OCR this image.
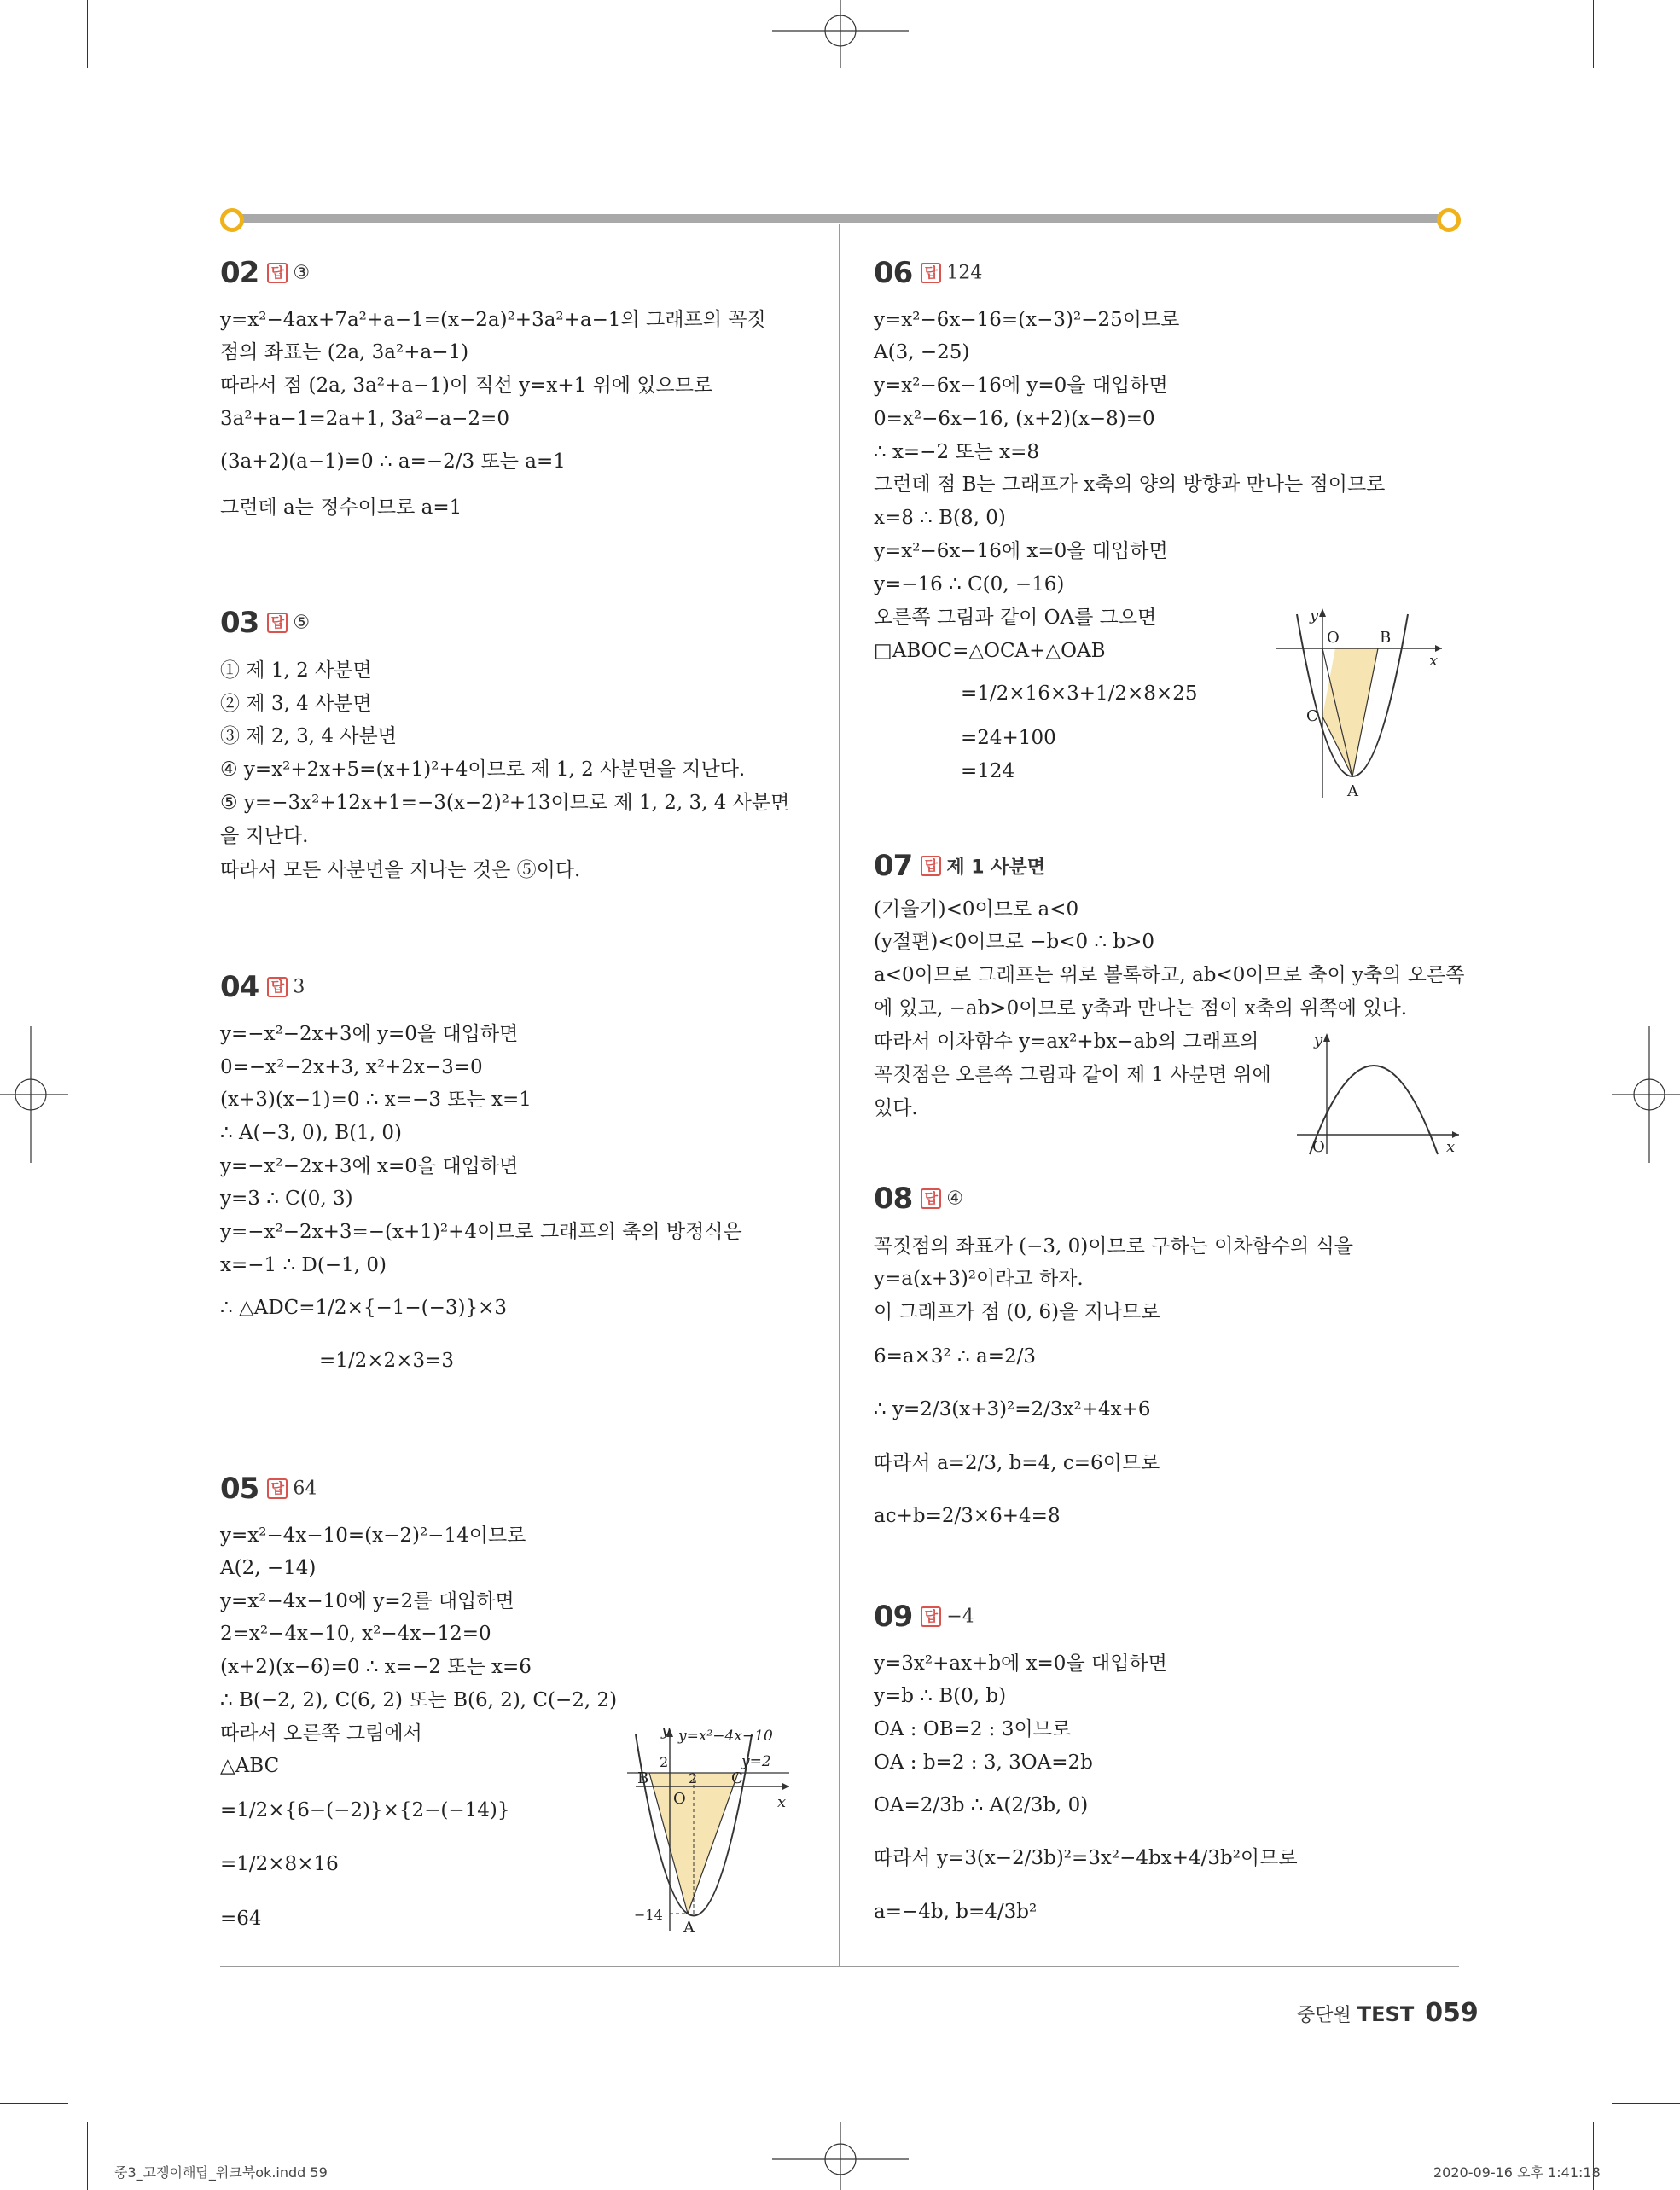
02 답 ③
y=x²−4ax+7a²+a−1=(x−2a)²+3a²+a−1의 그래프의 꼭짓
점의 좌표는 (2a, 3a²+a−1)
따라서 점 (2a, 3a²+a−1)이 직선 y=x+1 위에 있으므로
3a²+a−1=2a+1, 3a²−a−2=0
(3a+2)(a−1)=0 ∴ a=−2/3 또는 a=1
그런데 a는 정수이므로 a=1
03 답 ⑤
① 제 1, 2 사분면
② 제 3, 4 사분면
③ 제 2, 3, 4 사분면
④ y=x²+2x+5=(x+1)²+4이므로 제 1, 2 사분면을 지난다.
⑤ y=−3x²+12x+1=−3(x−2)²+13이므로 제 1, 2, 3, 4 사분면
을 지난다.
따라서 모든 사분면을 지나는 것은 ⑤이다.
04 답 3
y=−x²−2x+3에 y=0을 대입하면
0=−x²−2x+3, x²+2x−3=0
(x+3)(x−1)=0 ∴ x=−3 또는 x=1
∴ A(−3, 0), B(1, 0)
y=−x²−2x+3에 x=0을 대입하면
y=3 ∴ C(0, 3)
y=−x²−2x+3=−(x+1)²+4이므로 그래프의 축의 방정식은
x=−1 ∴ D(−1, 0)
∴ △ADC=1/2×{−1−(−3)}×3
=1/2×2×3=3
05 답 64
y=x²−4x−10=(x−2)²−14이므로
A(2, −14)
y=x²−4x−10에 y=2를 대입하면
2=x²−4x−10, x²−4x−12=0
(x+2)(x−6)=0 ∴ x=−2 또는 x=6
∴ B(−2, 2), C(6, 2) 또는 B(6, 2), C(−2, 2)
따라서 오른쪽 그림에서
△ABC
=1/2×{6−(−2)}×{2−(−14)}
=1/2×8×16
=64
y
x
O
B	C
A
2
2
−14
y=x²−4x−10
y=2
06 답 124
y=x²−6x−16=(x−3)²−25이므로
A(3, −25)
y=x²−6x−16에 y=0을 대입하면
0=x²−6x−16, (x+2)(x−8)=0
∴ x=−2 또는 x=8
그런데 점 B는 그래프가 x축의 양의 방향과 만나는 점이므로
x=8 ∴ B(8, 0)
y=x²−6x−16에 x=0을 대입하면
y=−16 ∴ C(0, −16)
오른쪽 그림과 같이 OA를 그으면
□ABOC=△OCA+△OAB
=1/2×16×3+1/2×8×25
=24+100
=124
y
x
O	B
C
A
07 답 제 1 사분면
(기울기)<0이므로 a<0
(y절편)<0이므로 −b<0 ∴ b>0
a<0이므로 그래프는 위로 볼록하고, ab<0이므로 축이 y축의 오른쪽
에 있고, −ab>0이므로 y축과 만나는 점이 x축의 위쪽에 있다.
따라서 이차함수 y=ax²+bx−ab의 그래프의
꼭짓점은 오른쪽 그림과 같이 제 1 사분면 위에
있다.
y
x
O
08 답 ④
꼭짓점의 좌표가 (−3, 0)이므로 구하는 이차함수의 식을
y=a(x+3)²이라고 하자.
이 그래프가 점 (0, 6)을 지나므로
6=a×3² ∴ a=2/3
∴ y=2/3(x+3)²=2/3x²+4x+6
따라서 a=2/3, b=4, c=6이므로
ac+b=2/3×6+4=8
09 답 −4
y=3x²+ax+b에 x=0을 대입하면
y=b ∴ B(0, b)
OA : OB=2 : 3이므로
OA : b=2 : 3, 3OA=2b
OA=2/3b ∴ A(2/3b, 0)
따라서 y=3(x−2/3b)²=3x²−4bx+4/3b²이므로
a=−4b, b=4/3b²
중단원 TEST 059
중3_고쟁이해답_워크북ok.indd 59	2020-09-16 오후 1:41:18
